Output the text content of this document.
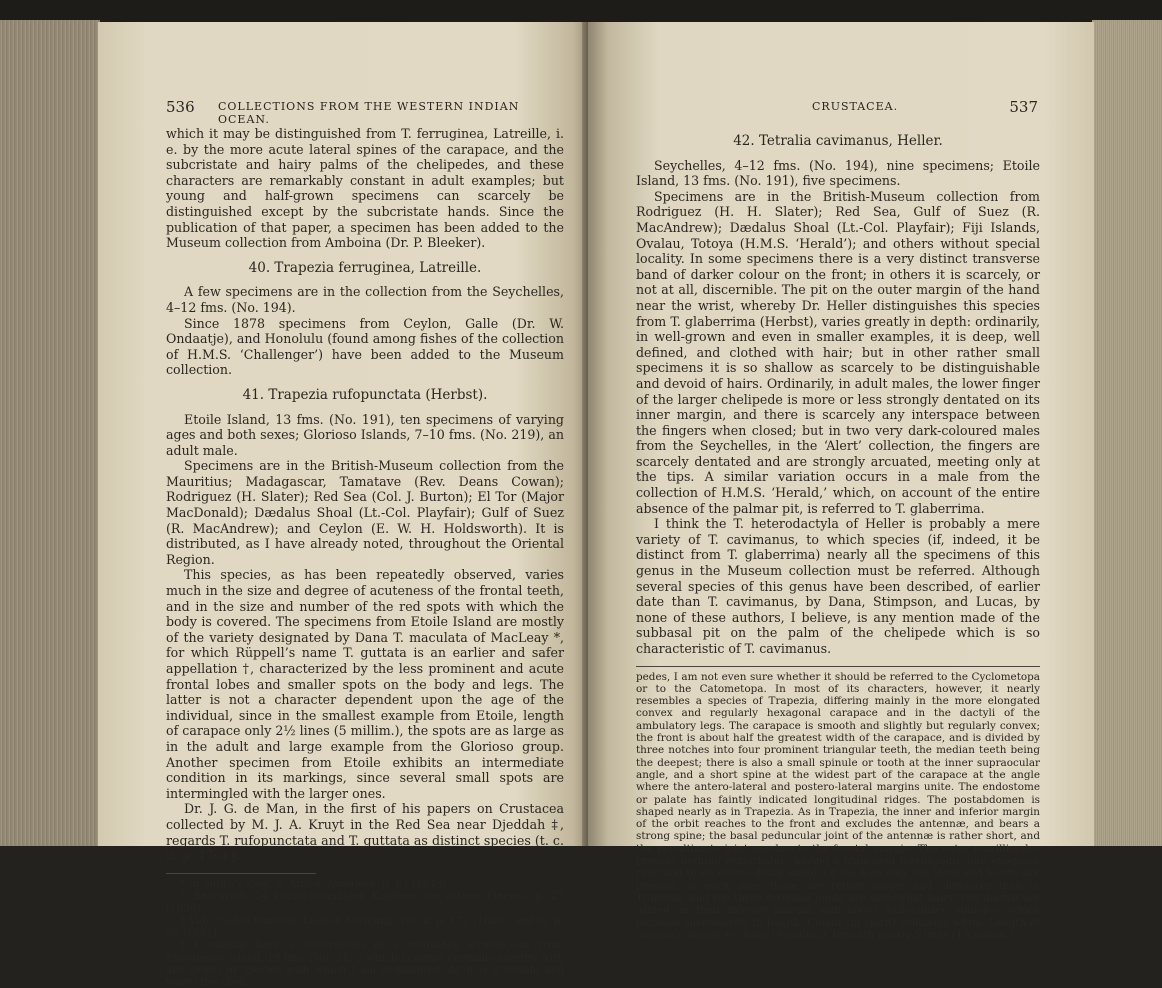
536 COLLECTIONS FROM THE WESTERN INDIAN OCEAN.

which it may be distinguished from T. ferruginea, Latreille, i. e. by the more acute lateral spines of the carapace, and the subcristate and hairy palms of the chelipedes, and these characters are remarkably constant in adult examples; but young and half-grown specimens can scarcely be distinguished except by the subcristate hands. Since the publication of that paper, a specimen has been added to the Museum collection from Amboina (Dr. P. Bleeker).

40. Trapezia ferruginea, Latreille.

A few specimens are in the collection from the Seychelles, 4–12 fms. (No. 194).

Since 1878 specimens from Ceylon, Galle (Dr. W. Ondaatje), and Honolulu (found among fishes of the collection of H.M.S. ‘Challenger’) have been added to the Museum collection.

41. Trapezia rufopunctata (Herbst).

Etoile Island, 13 fms. (No. 191), ten specimens of varying ages and both sexes; Glorioso Islands, 7–10 fms. (No. 219), an adult male.

Specimens are in the British-Museum collection from the Mauritius; Madagascar, Tamatave (Rev. Deans Cowan); Rodriguez (H. Slater); Red Sea (Col. J. Burton); El Tor (Major MacDonald); Dædalus Shoal (Lt.-Col. Playfair); Gulf of Suez (R. MacAndrew); and Ceylon (E. W. H. Holdsworth). It is distributed, as I have already noted, throughout the Oriental Region.

This species, as has been repeatedly observed, varies much in the size and degree of acuteness of the frontal teeth, and in the size and number of the red spots with which the body is covered. The specimens from Etoile Island are mostly of the variety designated by Dana T. maculata of MacLeay *, for which Rüppell’s name T. guttata is an earlier and safer appellation †, characterized by the less prominent and acute frontal lobes and smaller spots on the body and legs. The latter is not a character dependent upon the age of the individual, since in the smallest example from Etoile, length of carapace only 2½ lines (5 millim.), the spots are as large as in the adult and large example from the Glorioso group. Another specimen from Etoile exhibits an intermediate condition in its markings, since several small spots are intermingled with the larger ones.

Dr. J. G. de Man, in the first of his papers on Crustacea collected by M. J. A. Kruyt in the Red Sea near Djeddah ‡, regards T. rufopunctata and T. guttata as distinct species (t. c. ii. p. 176) §.

* In Smith’s Zool. S. Africa, Annulosa, p. 67 (1849).

† Beschreib. 24 kurzschwänzigen Krabben des rothen Meeres, p. 27 (1830).

‡ Vide ‘Notes from the Leyden Museum,’ vol. ii. p. 171 (1880), and iii. p. 93 (1881).

§ I subjoin here a description of a mutilated Crustacean from Providence Island, 19 fms. (No. 217), which I cannot certainly identify with any genus or species with which I am acquainted. As it is a female and wants the cheli-

CRUSTACEA.	537
42. Tetralia cavimanus, Heller.

Seychelles, 4–12 fms. (No. 194), nine specimens; Etoile Island, 13 fms. (No. 191), five specimens.

Specimens are in the British-Museum collection from Rodriguez (H. H. Slater); Red Sea, Gulf of Suez (R. MacAndrew); Dædalus Shoal (Lt.-Col. Playfair); Fiji Islands, Ovalau, Totoya (H.M.S. ‘Herald’); and others without special locality. In some specimens there is a very distinct transverse band of darker colour on the front; in others it is scarcely, or not at all, discernible. The pit on the outer margin of the hand near the wrist, whereby Dr. Heller distinguishes this species from T. glaberrima (Herbst), varies greatly in depth: ordinarily, in well-grown and even in smaller examples, it is deep, well defined, and clothed with hair; but in other rather small specimens it is so shallow as scarcely to be distinguishable and devoid of hairs. Ordinarily, in adult males, the lower finger of the larger chelipede is more or less strongly dentated on its inner margin, and there is scarcely any interspace between the fingers when closed; but in two very dark-coloured males from the Seychelles, in the ‘Alert’ collection, the fingers are scarcely dentated and are strongly arcuated, meeting only at the tips. A similar variation occurs in a male from the collection of H.M.S. ‘Herald,’ which, on account of the entire absence of the palmar pit, is referred to T. glaberrima.

I think the T. heterodactyla of Heller is probably a mere variety of T. cavimanus, to which species (if, indeed, it be distinct from T. glaberrima) nearly all the specimens of this genus in the Museum collection must be referred. Although several species of this genus have been described, of earlier date than T. cavimanus, by Dana, Stimpson, and Lucas, by none of these authors, I believe, is any mention made of the subbasal pit on the palm of the chelipede which is so characteristic of T. cavimanus.

pedes, I am not even sure whether it should be referred to the Cyclometopa or to the Catometopa. In most of its characters, however, it nearly resembles a species of Trapezia, differing mainly in the more elongated convex and regularly hexagonal carapace and in the dactyli of the ambulatory legs. The carapace is smooth and slightly but regularly convex; the front is about half the greatest width of the carapace, and is divided by three notches into four prominent triangular teeth, the median teeth being the deepest; there is also a small spinule or tooth at the inner supraocular angle, and a short spine at the widest part of the carapace at the angle where the antero-lateral and postero-lateral margins unite. The endostome or palate has faintly indicated longitudinal ridges. The postabdomen is shaped nearly as in Trapezia. As in Trapezia, the inner and inferior margin of the orbit reaches to the front and excludes the antennæ, and bears a strong spine; the basal peduncular joint of the antennæ is rather short, and the penultimate joint reaches to the frontal margin. The outer maxillipedes present nothing remarkable, having a truncated merus-joint, and exognath reaching to its extero-distal angle. Of the legs only the third and fourth are present on each side; these are rather longer and slenderer than in Trapezia, and the three terminal joints are somewhat hairy; the dactyli are armed on their inferior margin with about half-a-dozen spinules, which increase successively in length. Colour (in spirit) yellowish white. Length of carapace nearly 4½ lines (9 millim.), breadth nearly 5 lines (10 millim.).
